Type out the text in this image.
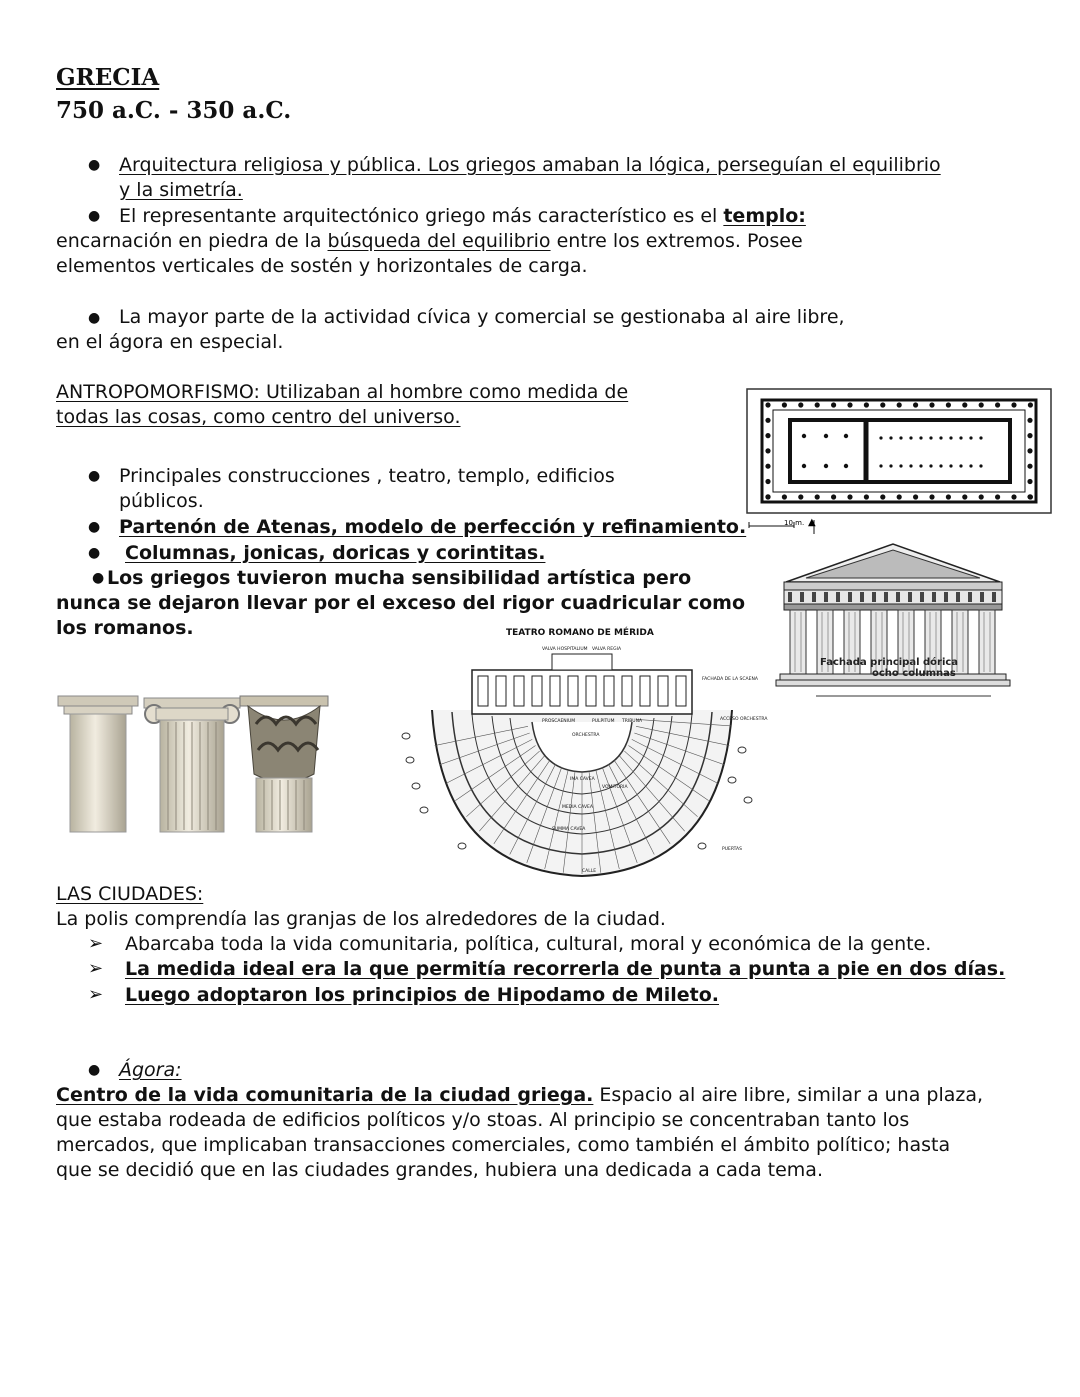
GRECIA
750 a.C. - 350 a.C.
● Arquitectura religiosa y pública. Los griegos amaban la lógica, perseguían el equilibrio
y la simetría.
● El representante arquitectónico griego más característico es el templo:
encarnación en piedra de la búsqueda del equilibrio entre los extremos. Posee
elementos verticales de sostén y horizontales de carga.
● La mayor parte de la actividad cívica y comercial se gestionaba al aire libre,
en el ágora en especial.
ANTROPOMORFISMO: Utilizaban al hombre como medida de
todas las cosas, como centro del universo.
● Principales construcciones , teatro, templo, edificios
públicos.
● Partenón de Atenas, modelo de perfección y refinamiento.
● Columnas, jonicas, doricas y corintitas.
● Los griegos tuvieron mucha sensibilidad artística pero
nunca se dejaron llevar por el exceso del rigor cuadricular como
los romanos.
10 m. ▲
Fachada principal dórica
ocho columnas
TEATRO ROMANO DE MÉRIDA
VALVA HOSPITALIUM VALVA REGIA
FACHADA DE LA SCAENA
PROSCAENIUM	PULPITUM TRIBUNA
ORCHESTRA
IMA CAVEA
VOMITORIA
MEDIA CAVEA
SUMMA CAVEA
ACCESO ORCHESTRA
PUERTAS
CALLE
LAS CIUDADES:
La polis comprendía las granjas de los alrededores de la ciudad.
➢ Abarcaba toda la vida comunitaria, política, cultural, moral y económica de la gente.
➢ La medida ideal era la que permitía recorrerla de punta a punta a pie en dos días.
➢ Luego adoptaron los principios de Hipodamo de Mileto.
● Ágora:
Centro de la vida comunitaria de la ciudad griega. Espacio al aire libre, similar a una plaza,
que estaba rodeada de edificios políticos y/o stoas. Al principio se concentraban tanto los
mercados, que implicaban transacciones comerciales, como también el ámbito político; hasta
que se decidió que en las ciudades grandes, hubiera una dedicada a cada tema.
